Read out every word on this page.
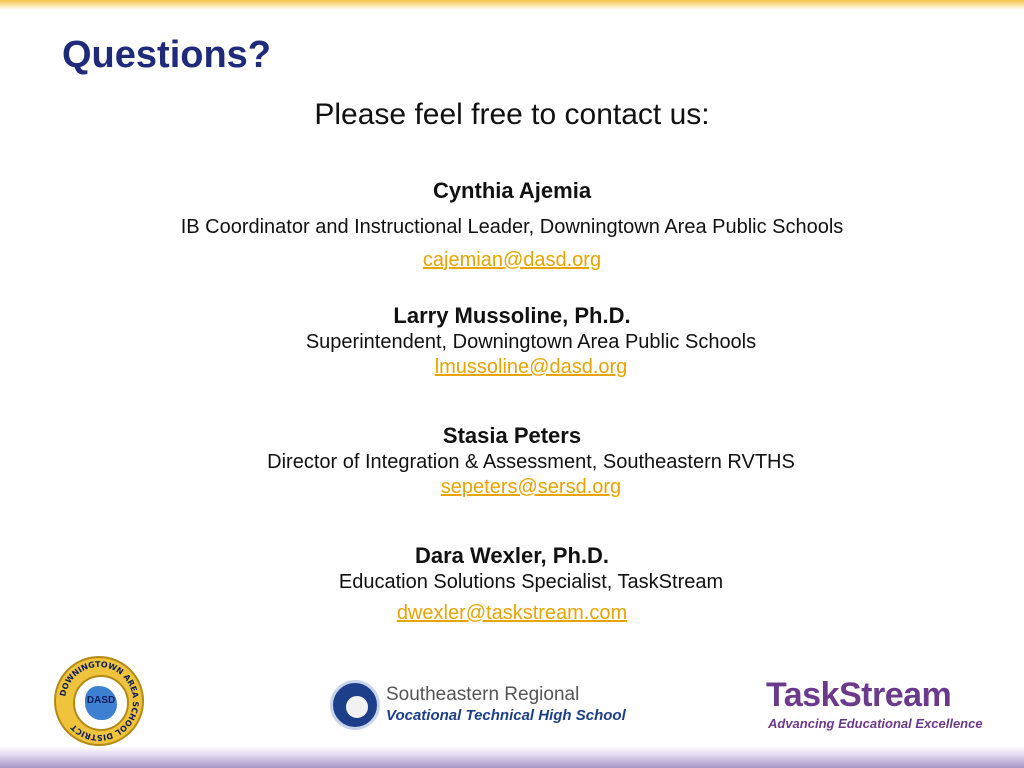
Questions?
Please feel free to contact us:
Cynthia Ajemia
IB Coordinator and Instructional Leader, Downingtown Area Public Schools
cajemian@dasd.org
Larry Mussoline, Ph.D.
Superintendent, Downingtown Area Public Schools
lmussoline@dasd.org
Stasia Peters
Director of Integration & Assessment, Southeastern RVTHS
sepeters@sersd.org
Dara Wexler, Ph.D.
Education Solutions Specialist, TaskStream
dwexler@taskstream.com
DOWNINGTOWN AREA SCHOOL DISTRICT
DASD	Southeastern Regional
Vocational Technical High School
TaskStream
Advancing Educational Excellence
